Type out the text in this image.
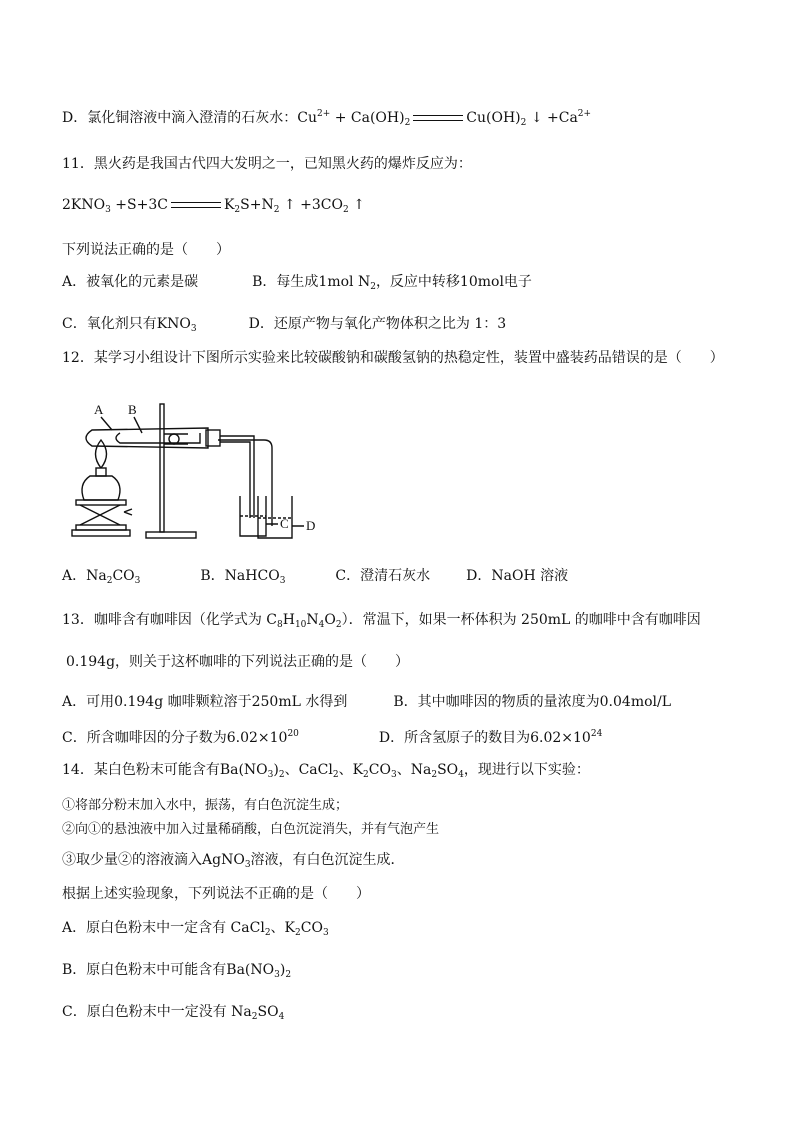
D．氯化铜溶液中滴入澄清的石灰水：$Cu^{2+} + Ca(OH)_2$	$Cu(OH)_2$ ↓ $+Ca^{2+}$
11．黑火药是我国古代四大发明之一，已知黑火药的爆炸反应为：
$2KNO_3 +S+3C$	$K_2S+N_2$ ↑ $+3CO_2$ ↑
下列说法正确的是（　　）
A．被氧化的元素是碳	B．每生成1mol $N_2$，反应中转移10mol电子
C．氧化剂只有$KNO_3$	D．还原产物与氧化产物体积之比为 1：3
12．某学习小组设计下图所示实验来比较碳酸钠和碳酸氢钠的热稳定性，装置中盛装药品错误的是（　　）
A B
C D
A．$Na_2CO_3$	B．NaHCO$_3$	C．澄清石灰水	D．NaOH 溶液
13．咖啡含有咖啡因（化学式为 $C_8H_{10}N_4O_2$）．常温下，如果一杯体积为 250mL 的咖啡中含有咖啡因
0.194g，则关于这杯咖啡的下列说法正确的是（　　）
A．可用0.194g 咖啡颗粒溶于250mL 水得到	B．其中咖啡因的物质的量浓度为0.04mol/L
C．所含咖啡因的分子数为$6.02\times 10^{20}$	D．所含氢原子的数目为$6.02\times 10^{24}$
14．某白色粉末可能含有$Ba(NO_3)_2$、CaCl$_2$、$K_2CO_3$、$Na_2SO_4$，现进行以下实验：
①将部分粉末加入水中，振荡，有白色沉淀生成；
②向①的悬浊液中加入过量稀硝酸，白色沉淀消失，并有气泡产生
③取少量②的溶液滴入AgNO$_3$溶液，有白色沉淀生成．
根据上述实验现象，下列说法不正确的是（　　）
A．原白色粉末中一定含有 CaCl$_2$、$K_2CO_3$
B．原白色粉末中可能含有$Ba(NO_3)_2$
C．原白色粉末中一定没有 $Na_2SO_4$
